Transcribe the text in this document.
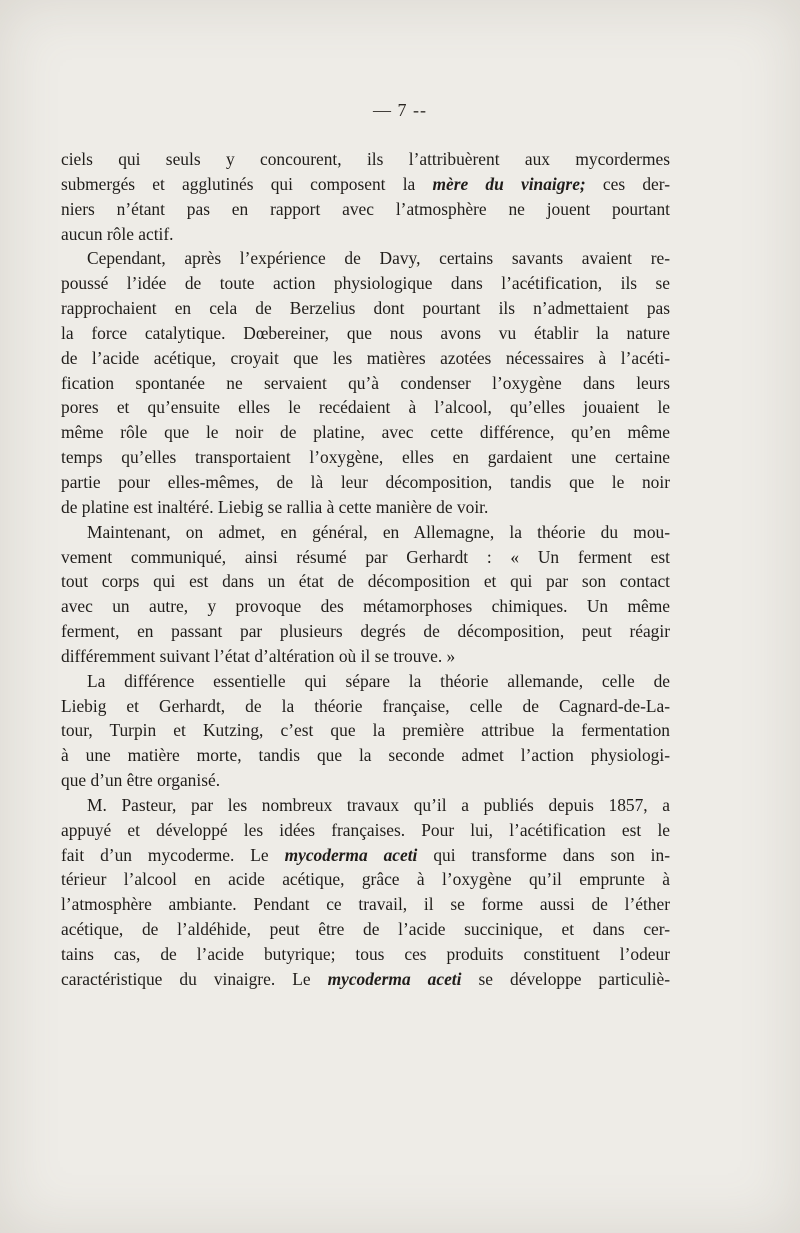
— 7 --
ciels qui seuls y concourent, ils l’attribuèrent aux mycordermes
submergés et agglutinés qui composent la mère du vinaigre; ces der-
niers n’étant pas en rapport avec l’atmosphère ne jouent pourtant
aucun rôle actif.
Cependant, après l’expérience de Davy, certains savants avaient re-
poussé l’idée de toute action physiologique dans l’acétification, ils se
rapprochaient en cela de Berzelius dont pourtant ils n’admettaient pas
la force catalytique. Dœbereiner, que nous avons vu établir la nature
de l’acide acétique, croyait que les matières azotées nécessaires à l’acéti-
fication spontanée ne servaient qu’à condenser l’oxygène dans leurs
pores et qu’ensuite elles le recédaient à l’alcool, qu’elles jouaient le
même rôle que le noir de platine, avec cette différence, qu’en même
temps qu’elles transportaient l’oxygène, elles en gardaient une certaine
partie pour elles-mêmes, de là leur décomposition, tandis que le noir
de platine est inaltéré. Liebig se rallia à cette manière de voir.
Maintenant, on admet, en général, en Allemagne, la théorie du mou-
vement communiqué, ainsi résumé par Gerhardt : « Un ferment est
tout corps qui est dans un état de décomposition et qui par son contact
avec un autre, y provoque des métamorphoses chimiques. Un même
ferment, en passant par plusieurs degrés de décomposition, peut réagir
différemment suivant l’état d’altération où il se trouve. »
La différence essentielle qui sépare la théorie allemande, celle de
Liebig et Gerhardt, de la théorie française, celle de Cagnard-de-La-
tour, Turpin et Kutzing, c’est que la première attribue la fermentation
à une matière morte, tandis que la seconde admet l’action physiologi-
que d’un être organisé.
M. Pasteur, par les nombreux travaux qu’il a publiés depuis 1857, a
appuyé et développé les idées françaises. Pour lui, l’acétification est le
fait d’un mycoderme. Le mycoderma aceti qui transforme dans son in-
térieur l’alcool en acide acétique, grâce à l’oxygène qu’il emprunte à
l’atmosphère ambiante. Pendant ce travail, il se forme aussi de l’éther
acétique, de l’aldéhide, peut être de l’acide succinique, et dans cer-
tains cas, de l’acide butyrique; tous ces produits constituent l’odeur
caractéristique du vinaigre. Le mycoderma aceti se développe particuliè-
